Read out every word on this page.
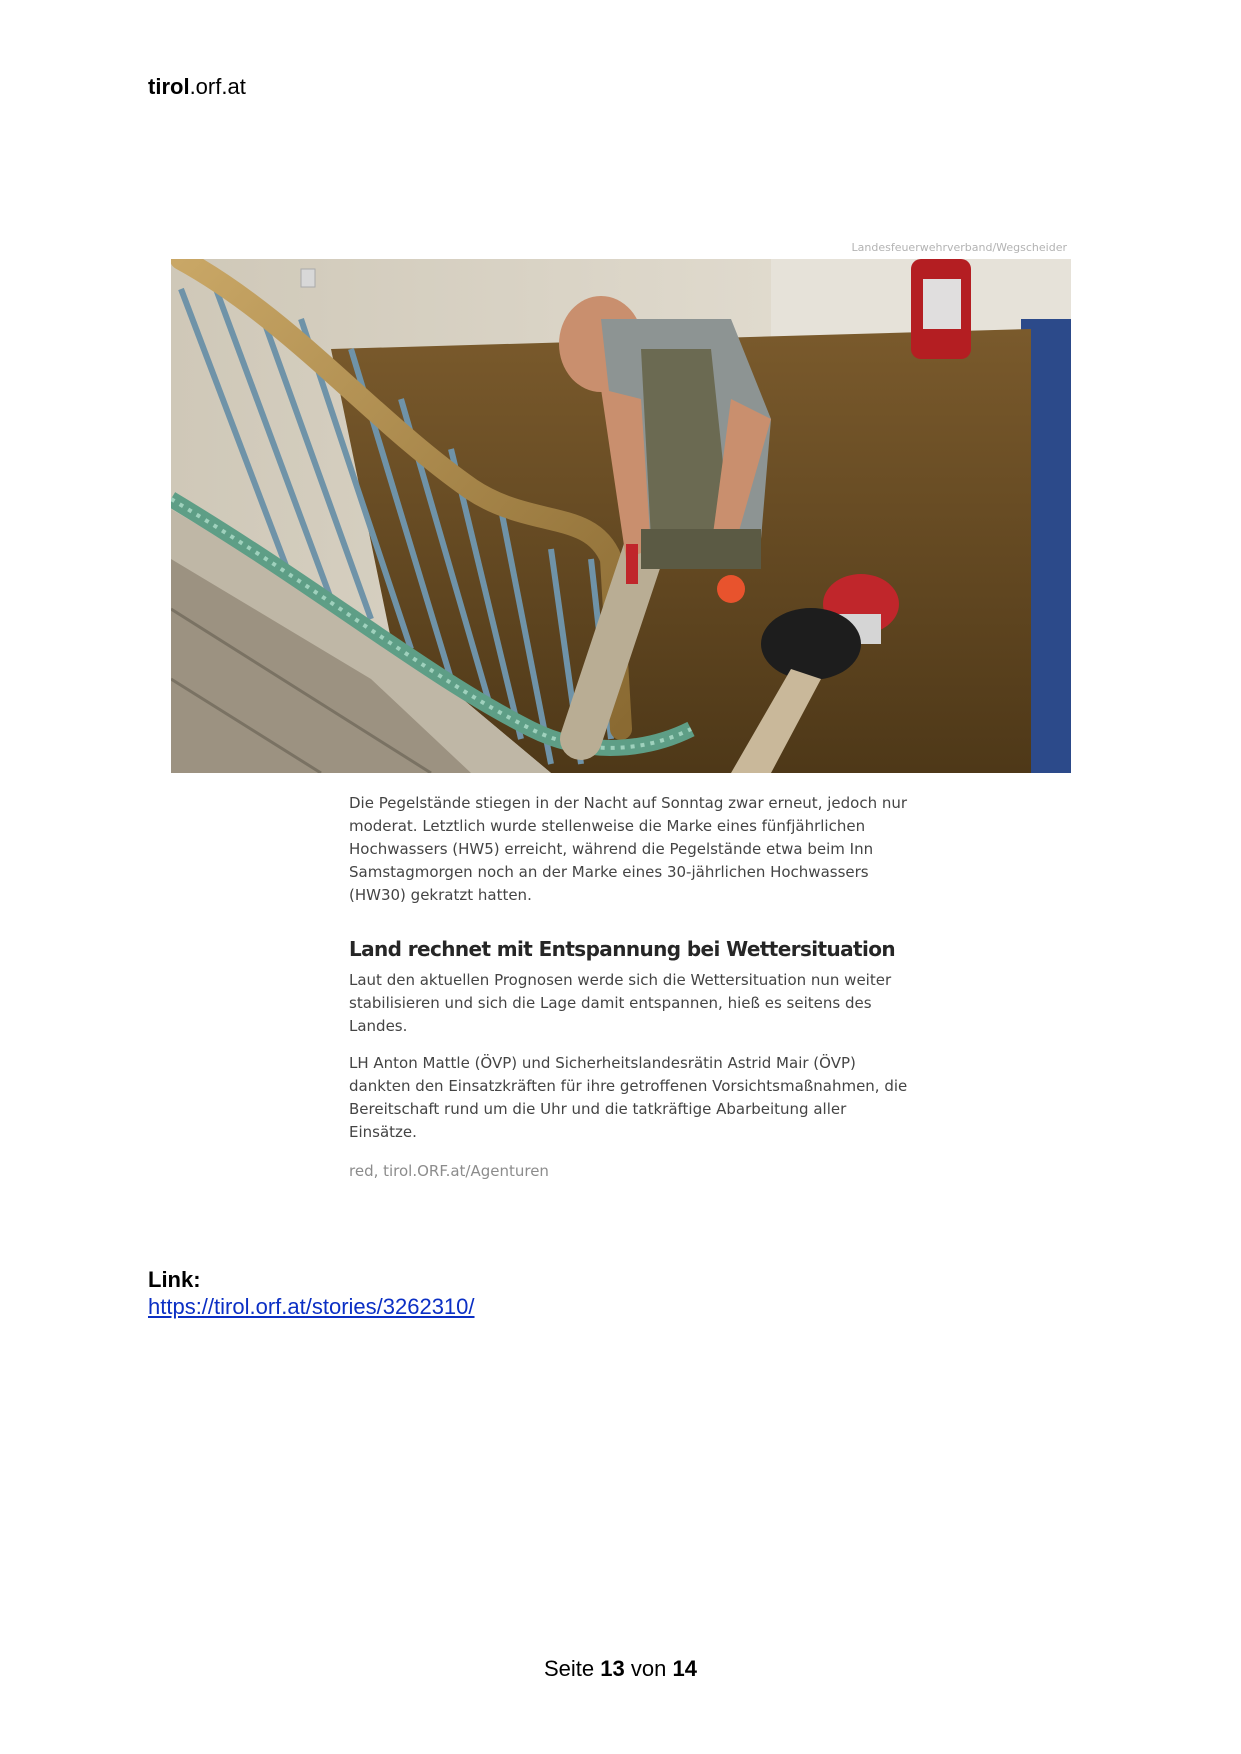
tirol.orf.at
Landesfeuerwehrverband/Wegscheider

Die Pegelstände stiegen in der Nacht auf Sonntag zwar erneut, jedoch nur moderat. Letztlich wurde stellenweise die Marke eines fünfjährlichen Hochwassers (HW5) erreicht, während die Pegelstände etwa beim Inn Samstagmorgen noch an der Marke eines 30-jährlichen Hochwassers (HW30) gekratzt hatten.

Land rechnet mit Entspannung bei Wettersituation

Laut den aktuellen Prognosen werde sich die Wettersituation nun weiter stabilisieren und sich die Lage damit entspannen, hieß es seitens des Landes.

LH Anton Mattle (ÖVP) und Sicherheitslandesrätin Astrid Mair (ÖVP) dankten den Einsatzkräften für ihre getroffenen Vorsichtsmaßnahmen, die Bereitschaft rund um die Uhr und die tatkräftige Abarbeitung aller Einsätze.

red, tirol.ORF.at/Agenturen

Link:
https://tirol.orf.at/stories/3262310/
Seite 13 von 14
